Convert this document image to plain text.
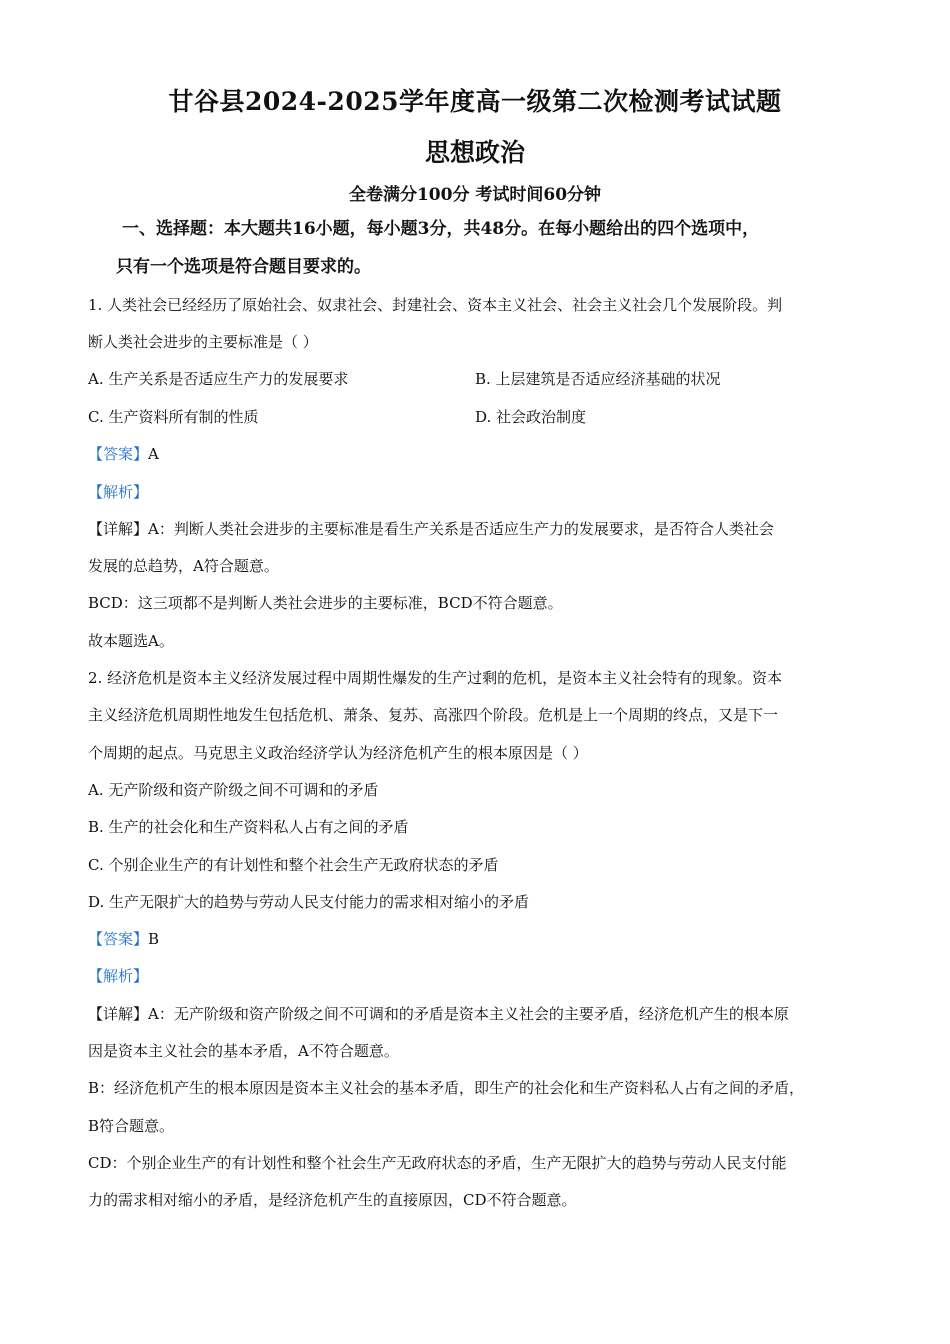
甘谷县2024-2025学年度高一级第二次检测考试试题
思想政治
全卷满分100分 考试时间60分钟
一、选择题：本大题共16小题，每小题3分，共48分。在每小题给出的四个选项中，
只有一个选项是符合题目要求的。
1. 人类社会已经经历了原始社会、奴隶社会、封建社会、资本主义社会、社会主义社会几个发展阶段。判
断人类社会进步的主要标准是（ ）
A. 生产关系是否适应生产力的发展要求	B. 上层建筑是否适应经济基础的状况
C. 生产资料所有制的性质	D. 社会政治制度
【答案】A
【解析】
【详解】A：判断人类社会进步的主要标准是看生产关系是否适应生产力的发展要求，是否符合人类社会
发展的总趋势，A符合题意。
BCD：这三项都不是判断人类社会进步的主要标准，BCD不符合题意。
故本题选A。
2. 经济危机是资本主义经济发展过程中周期性爆发的生产过剩的危机，是资本主义社会特有的现象。资本
主义经济危机周期性地发生包括危机、萧条、复苏、高涨四个阶段。危机是上一个周期的终点，又是下一
个周期的起点。马克思主义政治经济学认为经济危机产生的根本原因是（ ）
A. 无产阶级和资产阶级之间不可调和的矛盾
B. 生产的社会化和生产资料私人占有之间的矛盾
C. 个别企业生产的有计划性和整个社会生产无政府状态的矛盾
D. 生产无限扩大的趋势与劳动人民支付能力的需求相对缩小的矛盾
【答案】B
【解析】
【详解】A：无产阶级和资产阶级之间不可调和的矛盾是资本主义社会的主要矛盾，经济危机产生的根本原
因是资本主义社会的基本矛盾，A不符合题意。
B：经济危机产生的根本原因是资本主义社会的基本矛盾，即生产的社会化和生产资料私人占有之间的矛盾，
B符合题意。
CD：个别企业生产的有计划性和整个社会生产无政府状态的矛盾，生产无限扩大的趋势与劳动人民支付能
力的需求相对缩小的矛盾，是经济危机产生的直接原因，CD不符合题意。
